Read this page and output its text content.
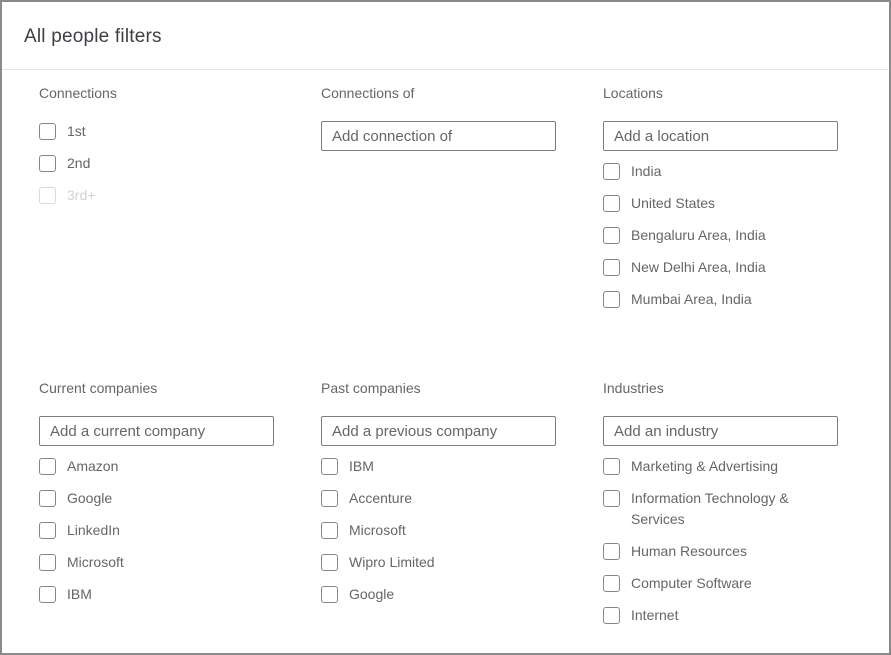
All people filters
Connections
1st
2nd
3rd+
Connections of
Add connection of	Locations
Add a location
India
United States
Bengaluru Area, India
New Delhi Area, India
Mumbai Area, India
Current companies
Add a current company
Amazon
Google
LinkedIn
Microsoft
IBM
Past companies
Add a previous company
IBM
Accenture
Microsoft
Wipro Limited
Google
Industries
Add an industry
Marketing & Advertising
Information Technology & Services
Human Resources
Computer Software
Internet
